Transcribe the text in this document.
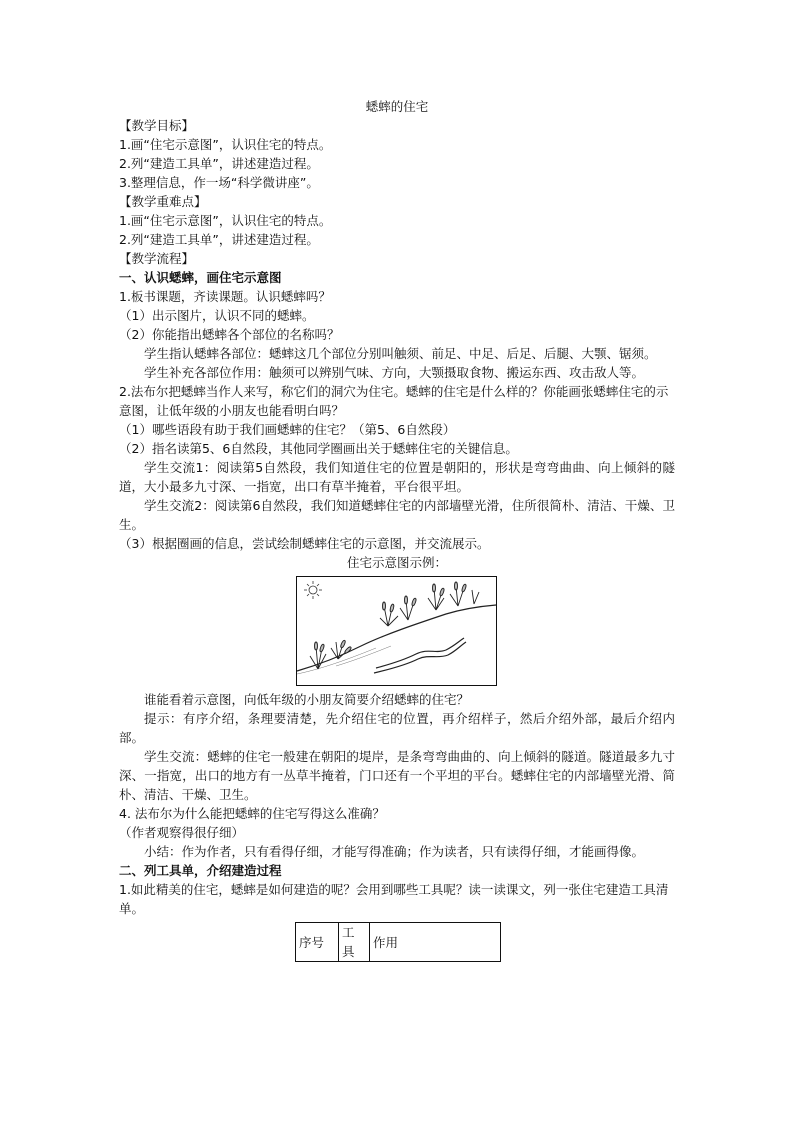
蟋蟀的住宅
【教学目标】
1.画“住宅示意图”，认识住宅的特点。
2.列“建造工具单”，讲述建造过程。
3.整理信息，作一场“科学微讲座”。
【教学重难点】
1.画“住宅示意图”，认识住宅的特点。
2.列“建造工具单”，讲述建造过程。
【教学流程】
一、认识蟋蟀，画住宅示意图
1.板书课题，齐读课题。认识蟋蟀吗？
（1）出示图片，认识不同的蟋蟀。
（2）你能指出蟋蟀各个部位的名称吗？
学生指认蟋蟀各部位：蟋蟀这几个部位分别叫触须、前足、中足、后足、后腿、大颚、锯须。
学生补充各部位作用：触须可以辨别气味、方向，大颚摄取食物、搬运东西、攻击敌人等。
2.法布尔把蟋蟀当作人来写，称它们的洞穴为住宅。蟋蟀的住宅是什么样的？你能画张蟋蟀住宅的示意图，让低年级的小朋友也能看明白吗？
（1）哪些语段有助于我们画蟋蟀的住宅？（第5、6自然段）
（2）指名读第5、6自然段，其他同学圈画出关于蟋蟀住宅的关键信息。
学生交流1：阅读第5自然段，我们知道住宅的位置是朝阳的，形状是弯弯曲曲、向上倾斜的隧道，大小最多九寸深、一指宽，出口有草半掩着，平台很平坦。
学生交流2：阅读第6自然段，我们知道蟋蟀住宅的内部墙壁光滑，住所很简朴、清洁、干燥、卫生。
（3）根据圈画的信息，尝试绘制蟋蟀住宅的示意图，并交流展示。
住宅示意图示例：
谁能看着示意图，向低年级的小朋友简要介绍蟋蟀的住宅？
提示：有序介绍，条理要清楚，先介绍住宅的位置，再介绍样子，然后介绍外部，最后介绍内部。
学生交流：蟋蟀的住宅一般建在朝阳的堤岸，是条弯弯曲曲的、向上倾斜的隧道。隧道最多九寸深、一指宽，出口的地方有一丛草半掩着，门口还有一个平坦的平台。蟋蟀住宅的内部墙壁光滑、简朴、清洁、干燥、卫生。
4. 法布尔为什么能把蟋蟀的住宅写得这么准确？
（作者观察得很仔细）
小结：作为作者，只有看得仔细，才能写得准确；作为读者，只有读得仔细，才能画得像。
二、列工具单，介绍建造过程
1.如此精美的住宅，蟋蟀是如何建造的呢？会用到哪些工具呢？读一读课文，列一张住宅建造工具清单。
序号	工具	作用
